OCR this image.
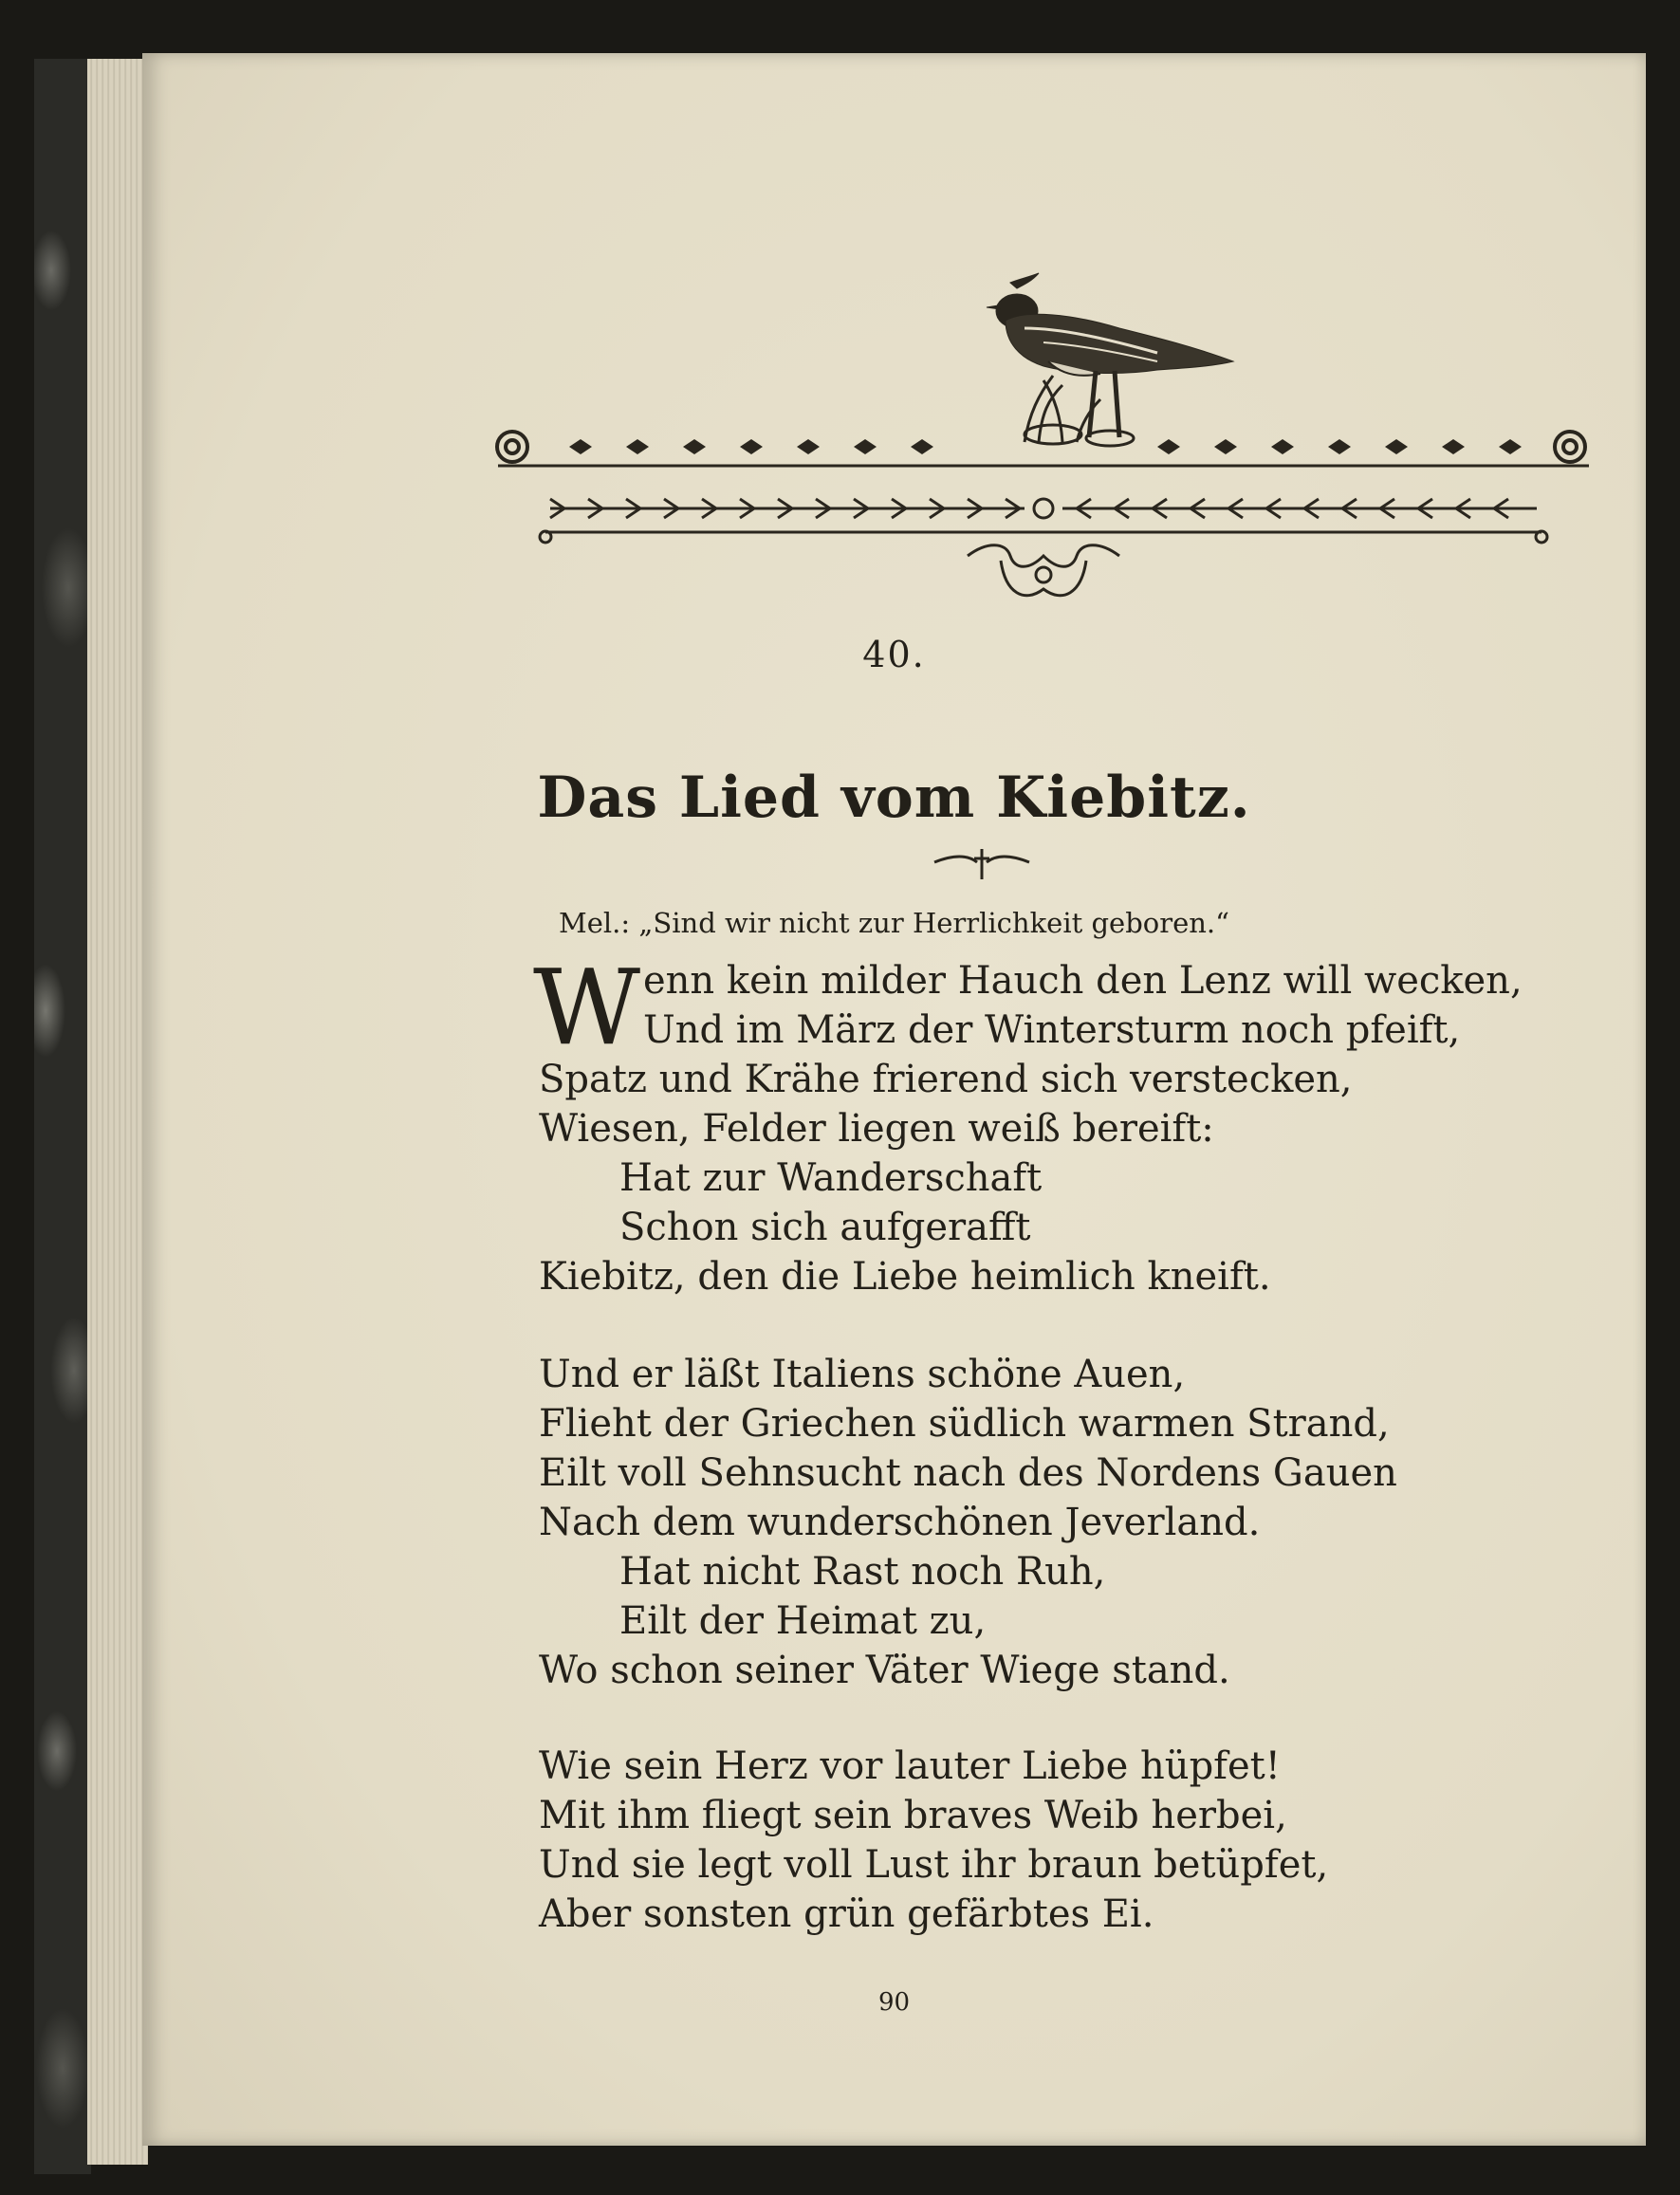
40.
Das Lied vom Kiebitz.
Mel.: „Sind wir nicht zur Herrlichkeit geboren.“
W enn kein milder Hauch den Lenz will wecken,
Und im März der Wintersturm noch pfeift,
Spatz und Krähe frierend sich verstecken,
Wiesen, Felder liegen weiß bereift:
Hat zur Wanderschaft
Schon sich aufgerafft
Kiebitz, den die Liebe heimlich kneift.
Und er läßt Italiens schöne Auen,
Flieht der Griechen südlich warmen Strand,
Eilt voll Sehnsucht nach des Nordens Gauen
Nach dem wunderschönen Jeverland.
Hat nicht Rast noch Ruh,
Eilt der Heimat zu,
Wo schon seiner Väter Wiege stand.
Wie sein Herz vor lauter Liebe hüpfet!
Mit ihm fliegt sein braves Weib herbei,
Und sie legt voll Lust ihr braun betüpfet,
Aber sonsten grün gefärbtes Ei.
90
